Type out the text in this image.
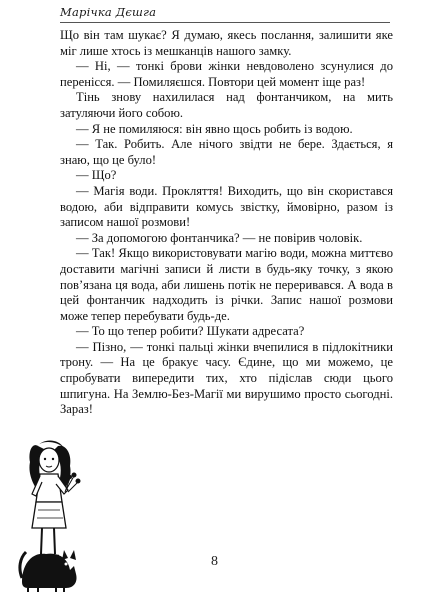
Марічка Дєшга

Що він там шукає? Я думаю, якесь послання, залишити яке міг лише хтось із мешканців нашого замку.

— Ні, — тонкі брови жінки невдоволено зсунулися до перенісся. — Помиляєшся. Повтори цей момент іще раз!

Тінь знову нахилилася над фонтанчиком, на мить затуляючи його собою.

— Я не помиляюся: він явно щось робить із водою.

— Так. Робить. Але нічого звідти не бере. Здається, я знаю, що це було!

— Що?

— Магія води. Прокляття! Виходить, що він скористався водою, аби відправити комусь звістку, ймовірно, разом із записом нашої розмови!

— За допомогою фонтанчика? — не повірив чоловік.

— Так! Якщо використовувати магію води, можна миттєво доставити магічні записи й листи в будь-яку точку, з якою пов’язана ця вода, аби лишень потік не переривався. А вода в цей фонтанчик надходить із річки. Запис нашої розмови може тепер перебувати будь-де.

— То що тепер робити? Шукати адресата?

— Пізно, — тонкі пальці жінки вчепилися в підлокітники трону. — На це бракує часу. Єдине, що ми можемо, це спробувати випередити тих, хто підіслав сюди цього шпигуна. На Землю-Без-Магії ми вирушимо просто сьогодні. Зараз!

8
